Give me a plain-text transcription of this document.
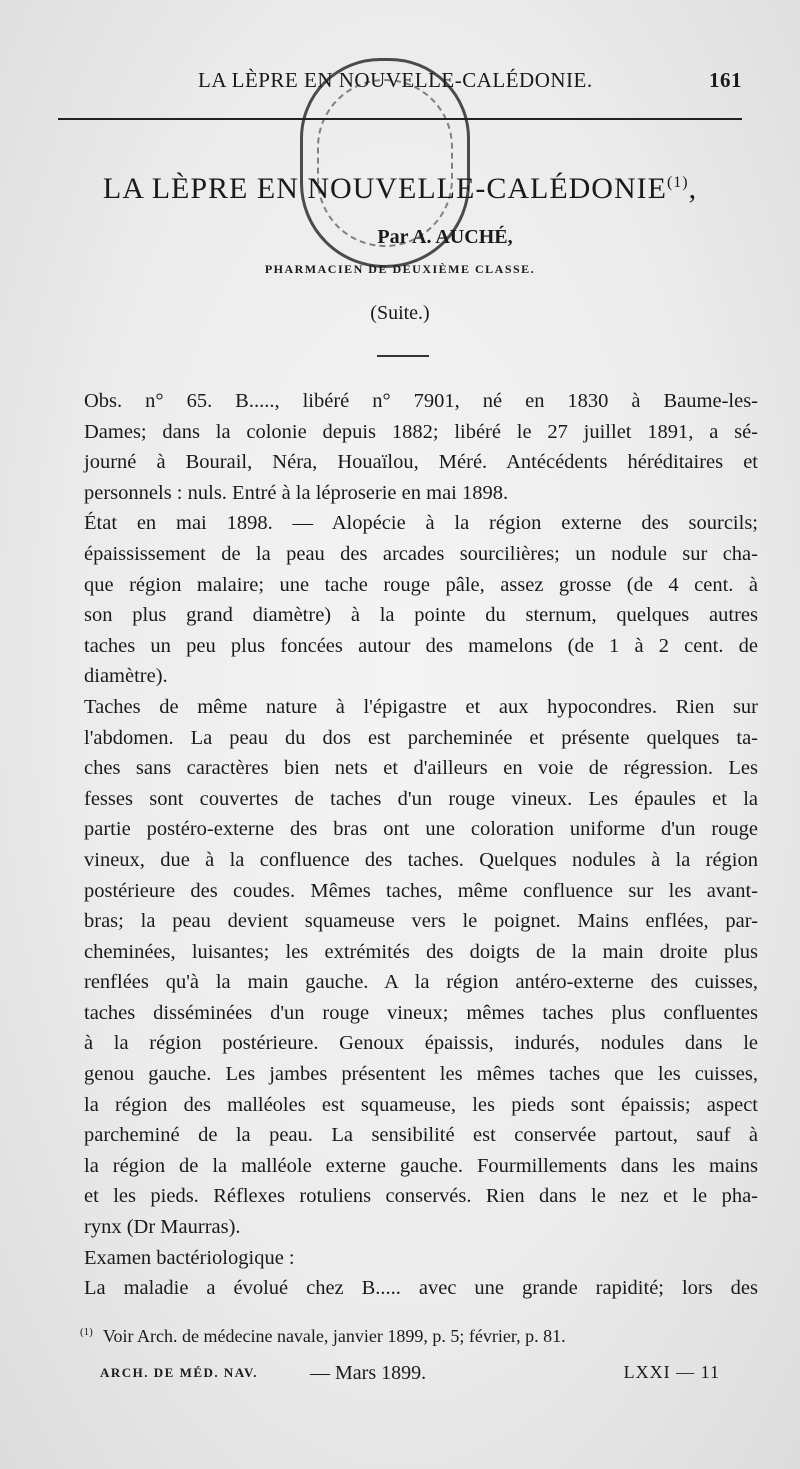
LA LÈPRE EN NOUVELLE-CALÉDONIE.	161
LA LÈPRE EN NOUVELLE-CALÉDONIE$^{(1)}$,
Par A. AUCHÉ,
PHARMACIEN DE DEUXIÈME CLASSE.
(Suite.)

Obs. n° 65. B....., libéré n° 7901, né en 1830 à Baume-les-
Dames; dans la colonie depuis 1882; libéré le 27 juillet 1891, a sé-
journé à Bourail, Néra, Houaïlou, Méré. Antécédents héréditaires et
personnels : nuls. Entré à la léproserie en mai 1898.

État en mai 1898. — Alopécie à la région externe des sourcils;
épaississement de la peau des arcades sourcilières; un nodule sur cha-
que région malaire; une tache rouge pâle, assez grosse (de 4 cent. à
son plus grand diamètre) à la pointe du sternum, quelques autres
taches un peu plus foncées autour des mamelons (de 1 à 2 cent. de
diamètre).

Taches de même nature à l'épigastre et aux hypocondres. Rien sur
l'abdomen. La peau du dos est parcheminée et présente quelques ta-
ches sans caractères bien nets et d'ailleurs en voie de régression. Les
fesses sont couvertes de taches d'un rouge vineux. Les épaules et la
partie postéro-externe des bras ont une coloration uniforme d'un rouge
vineux, due à la confluence des taches. Quelques nodules à la région
postérieure des coudes. Mêmes taches, même confluence sur les avant-
bras; la peau devient squameuse vers le poignet. Mains enflées, par-
cheminées, luisantes; les extrémités des doigts de la main droite plus
renflées qu'à la main gauche. A la région antéro-externe des cuisses,
taches disséminées d'un rouge vineux; mêmes taches plus confluentes
à la région postérieure. Genoux épaissis, indurés, nodules dans le
genou gauche. Les jambes présentent les mêmes taches que les cuisses,
la région des malléoles est squameuse, les pieds sont épaissis; aspect
parcheminé de la peau. La sensibilité est conservée partout, sauf à
la région de la malléole externe gauche. Fourmillements dans les mains
et les pieds. Réflexes rotuliens conservés. Rien dans le nez et le pha-
rynx (Dr Maurras).

Examen bactériologique :

La maladie a évolué chez B..... avec une grande rapidité; lors des

$^{(1)}$ Voir Arch. de médecine navale, janvier 1899, p. 5; février, p. 81.
ARCH. DE MÉD. NAV.	— Mars 1899.	LXXI — 11
